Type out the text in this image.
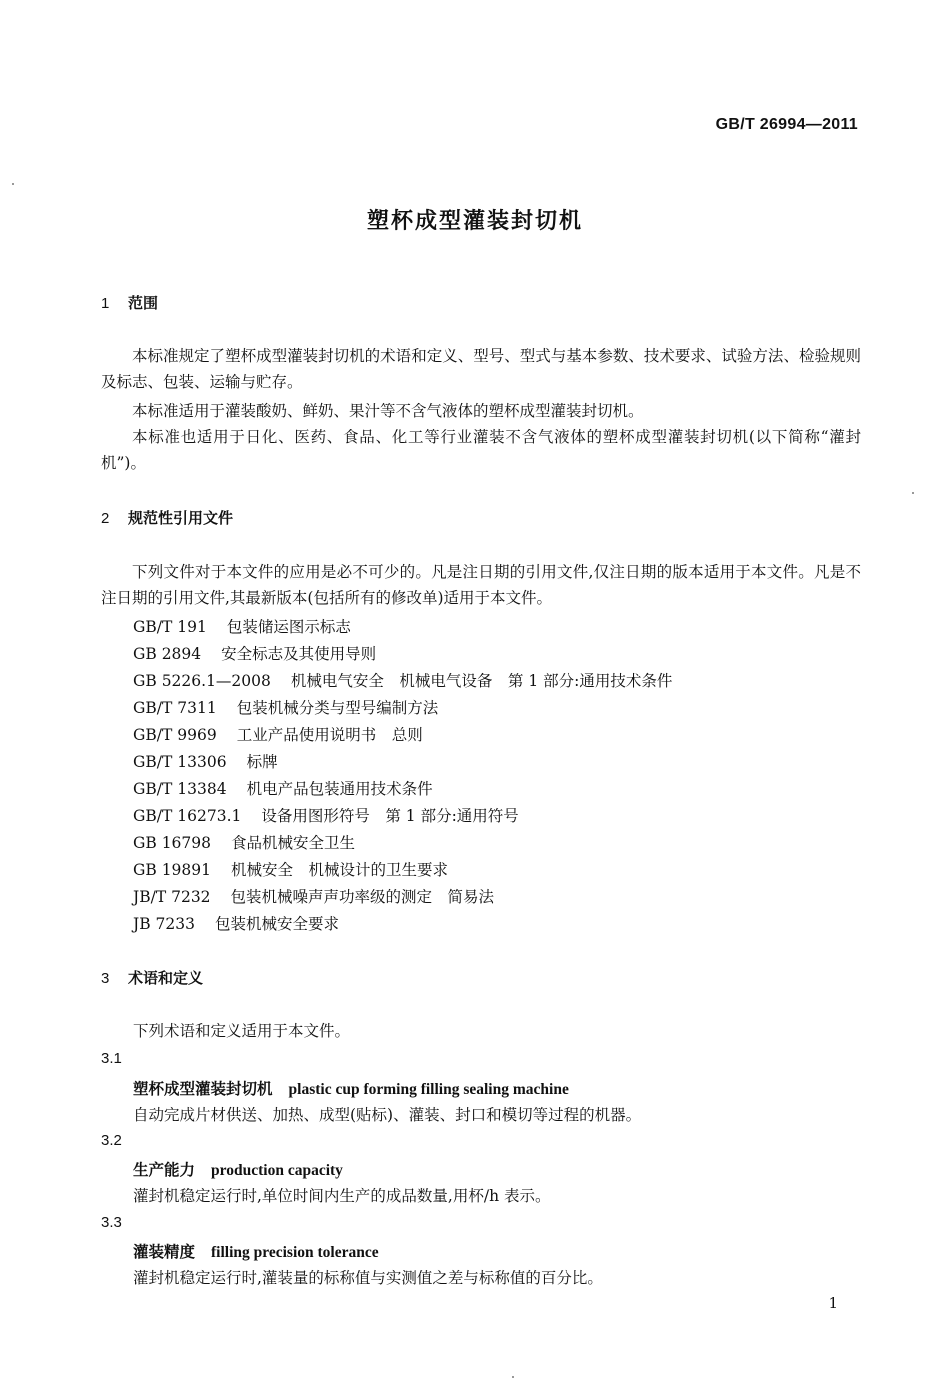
GB/T 26994—2011
塑杯成型灌装封切机
1 范围
本标准规定了塑杯成型灌装封切机的术语和定义、型号、型式与基本参数、技术要求、试验方法、检验规则及标志、包装、运输与贮存。
本标准适用于灌装酸奶、鲜奶、果汁等不含气液体的塑杯成型灌装封切机。
本标准也适用于日化、医药、食品、化工等行业灌装不含气液体的塑杯成型灌装封切机(以下简称“灌封机”)。
2 规范性引用文件
下列文件对于本文件的应用是必不可少的。凡是注日期的引用文件,仅注日期的版本适用于本文件。凡是不注日期的引用文件,其最新版本(包括所有的修改单)适用于本文件。
GB/T 191 包装储运图示标志
GB 2894 安全标志及其使用导则
GB 5226.1—2008 机械电气安全　机械电气设备　第 1 部分:通用技术条件
GB/T 7311 包装机械分类与型号编制方法
GB/T 9969 工业产品使用说明书　总则
GB/T 13306 标牌
GB/T 13384 机电产品包装通用技术条件
GB/T 16273.1 设备用图形符号　第 1 部分:通用符号
GB 16798 食品机械安全卫生
GB 19891 机械安全　机械设计的卫生要求
JB/T 7232 包装机械噪声声功率级的测定　简易法
JB 7233 包装机械安全要求
3 术语和定义
下列术语和定义适用于本文件。
3.1
塑杯成型灌装封切机 plastic cup forming filling sealing machine
自动完成片材供送、加热、成型(贴标)、灌装、封口和模切等过程的机器。
3.2
生产能力 production capacity
灌封机稳定运行时,单位时间内生产的成品数量,用杯/h 表示。
3.3
灌装精度 filling precision tolerance
灌封机稳定运行时,灌装量的标称值与实测值之差与标称值的百分比。
1
